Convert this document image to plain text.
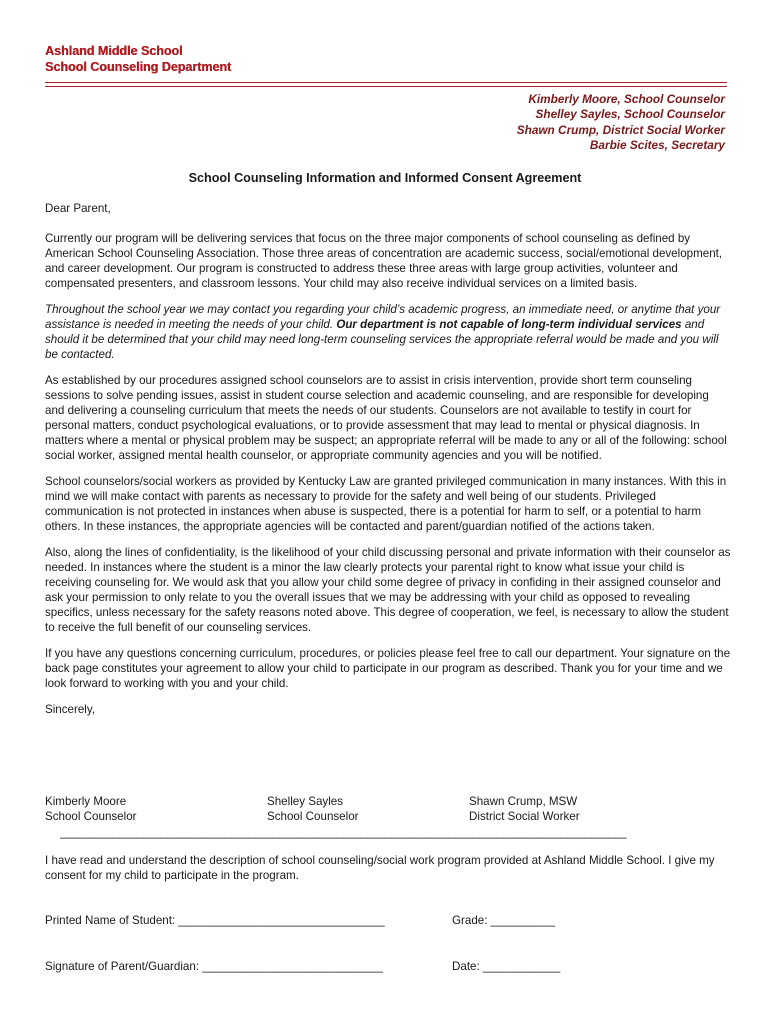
Ashland Middle School
School Counseling Department
Kimberly Moore, School Counselor
Shelley Sayles, School Counselor
Shawn Crump, District Social Worker
Barbie Scites, Secretary
School Counseling Information and Informed Consent Agreement

Dear Parent,

Currently our program will be delivering services that focus on the three major components of school counseling as defined by American School Counseling Association. Those three areas of concentration are academic success, social/emotional development, and career development. Our program is constructed to address these three areas with large group activities, volunteer and compensated presenters, and classroom lessons. Your child may also receive individual services on a limited basis.

Throughout the school year we may contact you regarding your child’s academic progress, an immediate need, or anytime that your assistance is needed in meeting the needs of your child. Our department is not capable of long-term individual services and should it be determined that your child may need long-term counseling services the appropriate referral would be made and you will be contacted.

As established by our procedures assigned school counselors are to assist in crisis intervention, provide short term counseling sessions to solve pending issues, assist in student course selection and academic counseling, and are responsible for developing and delivering a counseling curriculum that meets the needs of our students. Counselors are not available to testify in court for personal matters, conduct psychological evaluations, or to provide assessment that may lead to mental or physical diagnosis. In matters where a mental or physical problem may be suspect; an appropriate referral will be made to any or all of the following: school social worker, assigned mental health counselor, or appropriate community agencies and you will be notified.

School counselors/social workers as provided by Kentucky Law are granted privileged communication in many instances. With this in mind we will make contact with parents as necessary to provide for the safety and well being of our students. Privileged communication is not protected in instances when abuse is suspected, there is a potential for harm to self, or a potential to harm others. In these instances, the appropriate agencies will be contacted and parent/guardian notified of the actions taken.

Also, along the lines of confidentiality, is the likelihood of your child discussing personal and private information with their counselor as needed. In instances where the student is a minor the law clearly protects your parental right to know what issue your child is receiving counseling for. We would ask that you allow your child some degree of privacy in confiding in their assigned counselor and ask your permission to only relate to you the overall issues that we may be addressing with your child as opposed to revealing specifics, unless necessary for the safety reasons noted above. This degree of cooperation, we feel, is necessary to allow the student to receive the full benefit of our counseling services.

If you have any questions concerning curriculum, procedures, or policies please feel free to call our department. Your signature on the back page constitutes your agreement to allow your child to participate in our program as described. Thank you for your time and we look forward to working with you and your child.

Sincerely,

Kimberly Moore
School Counselor
Shelley Sayles
School Counselor
Shawn Crump, MSW
District Social Worker
________________________________________________________________________________________________
I have read and understand the description of school counseling/social work program provided at Ashland Middle School. I give my consent for my child to participate in the program.
Printed Name of Student: ________________________________	Grade: __________
Signature of Parent/Guardian: ____________________________	Date: ____________
